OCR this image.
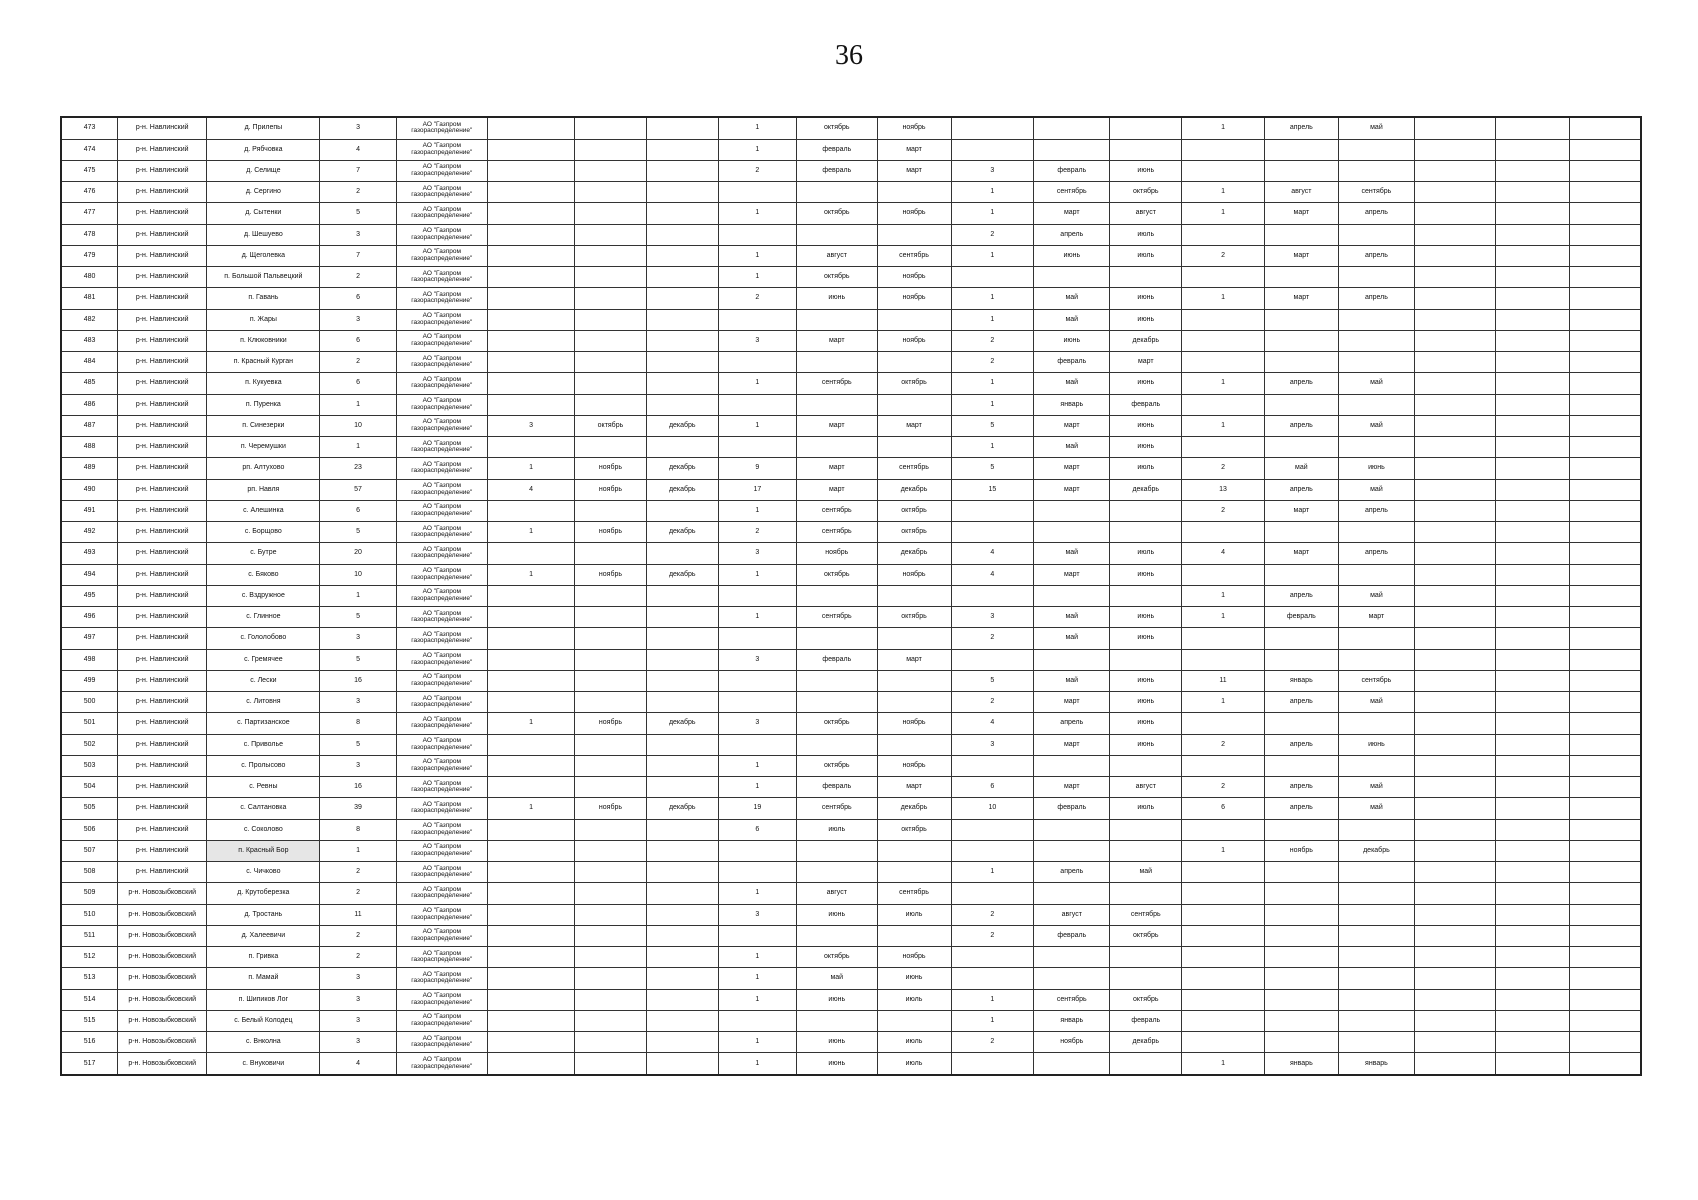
36
473	р-н. Навлинский	д. Прилепы	3	АО "Газпром газораспределение"				1	октябрь	ноябрь				1	апрель	май			
474	р-н. Навлинский	д. Рябчовка	4	АО "Газпром газораспределение"				1	февраль	март									
475	р-н. Навлинский	д. Селище	7	АО "Газпром газораспределение"				2	февраль	март	3	февраль	июнь						
476	р-н. Навлинский	д. Сергино	2	АО "Газпром газораспределение"							1	сентябрь	октябрь	1	август	сентябрь			
477	р-н. Навлинский	д. Сытенки	5	АО "Газпром газораспределение"				1	октябрь	ноябрь	1	март	август	1	март	апрель			
478	р-н. Навлинский	д. Шешуево	3	АО "Газпром газораспределение"							2	апрель	июль						
479	р-н. Навлинский	д. Щеголевка	7	АО "Газпром газораспределение"				1	август	сентябрь	1	июнь	июль	2	март	апрель			
480	р-н. Навлинский	п. Большой Пальвецкий	2	АО "Газпром газораспределение"				1	октябрь	ноябрь									
481	р-н. Навлинский	п. Гавань	6	АО "Газпром газораспределение"				2	июнь	ноябрь	1	май	июнь	1	март	апрель			
482	р-н. Навлинский	п. Жары	3	АО "Газпром газораспределение"							1	май	июнь						
483	р-н. Навлинский	п. Клюковники	6	АО "Газпром газораспределение"				3	март	ноябрь	2	июнь	декабрь						
484	р-н. Навлинский	п. Красный Курган	2	АО "Газпром газораспределение"							2	февраль	март						
485	р-н. Навлинский	п. Кукуевка	6	АО "Газпром газораспределение"				1	сентябрь	октябрь	1	май	июнь	1	апрель	май			
486	р-н. Навлинский	п. Пуренка	1	АО "Газпром газораспределение"							1	январь	февраль						
487	р-н. Навлинский	п. Синезерки	10	АО "Газпром газораспределение"	3	октябрь	декабрь	1	март	март	5	март	июнь	1	апрель	май			
488	р-н. Навлинский	п. Черемушки	1	АО "Газпром газораспределение"							1	май	июнь						
489	р-н. Навлинский	рп. Алтухово	23	АО "Газпром газораспределение"	1	ноябрь	декабрь	9	март	сентябрь	5	март	июль	2	май	июнь			
490	р-н. Навлинский	рп. Навля	57	АО "Газпром газораспределение"	4	ноябрь	декабрь	17	март	декабрь	15	март	декабрь	13	апрель	май			
491	р-н. Навлинский	с. Алешинка	6	АО "Газпром газораспределение"				1	сентябрь	октябрь				2	март	апрель			
492	р-н. Навлинский	с. Борщово	5	АО "Газпром газораспределение"	1	ноябрь	декабрь	2	сентябрь	октябрь									
493	р-н. Навлинский	с. Бутре	20	АО "Газпром газораспределение"				3	ноябрь	декабрь	4	май	июль	4	март	апрель			
494	р-н. Навлинский	с. Бяково	10	АО "Газпром газораспределение"	1	ноябрь	декабрь	1	октябрь	ноябрь	4	март	июнь						
495	р-н. Навлинский	с. Вздружное	1	АО "Газпром газораспределение"										1	апрель	май			
496	р-н. Навлинский	с. Глинное	5	АО "Газпром газораспределение"				1	сентябрь	октябрь	3	май	июнь	1	февраль	март			
497	р-н. Навлинский	с. Гололобово	3	АО "Газпром газораспределение"							2	май	июнь						
498	р-н. Навлинский	с. Гремячее	5	АО "Газпром газораспределение"				3	февраль	март									
499	р-н. Навлинский	с. Лески	16	АО "Газпром газораспределение"							5	май	июнь	11	январь	сентябрь			
500	р-н. Навлинский	с. Литовня	3	АО "Газпром газораспределение"							2	март	июнь	1	апрель	май			
501	р-н. Навлинский	с. Партизанское	8	АО "Газпром газораспределение"	1	ноябрь	декабрь	3	октябрь	ноябрь	4	апрель	июнь						
502	р-н. Навлинский	с. Приволье	5	АО "Газпром газораспределение"							3	март	июнь	2	апрель	июнь			
503	р-н. Навлинский	с. Пролысово	3	АО "Газпром газораспределение"				1	октябрь	ноябрь									
504	р-н. Навлинский	с. Ревны	16	АО "Газпром газораспределение"				1	февраль	март	6	март	август	2	апрель	май			
505	р-н. Навлинский	с. Салтановка	39	АО "Газпром газораспределение"	1	ноябрь	декабрь	19	сентябрь	декабрь	10	февраль	июль	6	апрель	май			
506	р-н. Навлинский	с. Соколово	8	АО "Газпром газораспределение"				6	июль	октябрь									
507	р-н. Навлинский	п. Красный Бор	1	АО "Газпром газораспределение"										1	ноябрь	декабрь			
508	р-н. Навлинский	с. Чичково	2	АО "Газпром газораспределение"							1	апрель	май						
509	р-н. Новозыбковский	д. Крутоберезка	2	АО "Газпром газораспределение"				1	август	сентябрь									
510	р-н. Новозыбковский	д. Тростань	11	АО "Газпром газораспределение"				3	июнь	июль	2	август	сентябрь						
511	р-н. Новозыбковский	д. Халеевичи	2	АО "Газпром газораспределение"							2	февраль	октябрь						
512	р-н. Новозыбковский	п. Гривка	2	АО "Газпром газораспределение"				1	октябрь	ноябрь									
513	р-н. Новозыбковский	п. Мамай	3	АО "Газпром газораспределение"				1	май	июнь									
514	р-н. Новозыбковский	п. Шипиков Лог	3	АО "Газпром газораспределение"				1	июнь	июль	1	сентябрь	октябрь						
515	р-н. Новозыбковский	с. Белый Колодец	3	АО "Газпром газораспределение"							1	январь	февраль						
516	р-н. Новозыбковский	с. Внколна	3	АО "Газпром газораспределение"				1	июнь	июль	2	ноябрь	декабрь						
517	р-н. Новозыбковский	с. Внуковичи	4	АО "Газпром газораспределение"				1	июнь	июль				1	январь	январь			
